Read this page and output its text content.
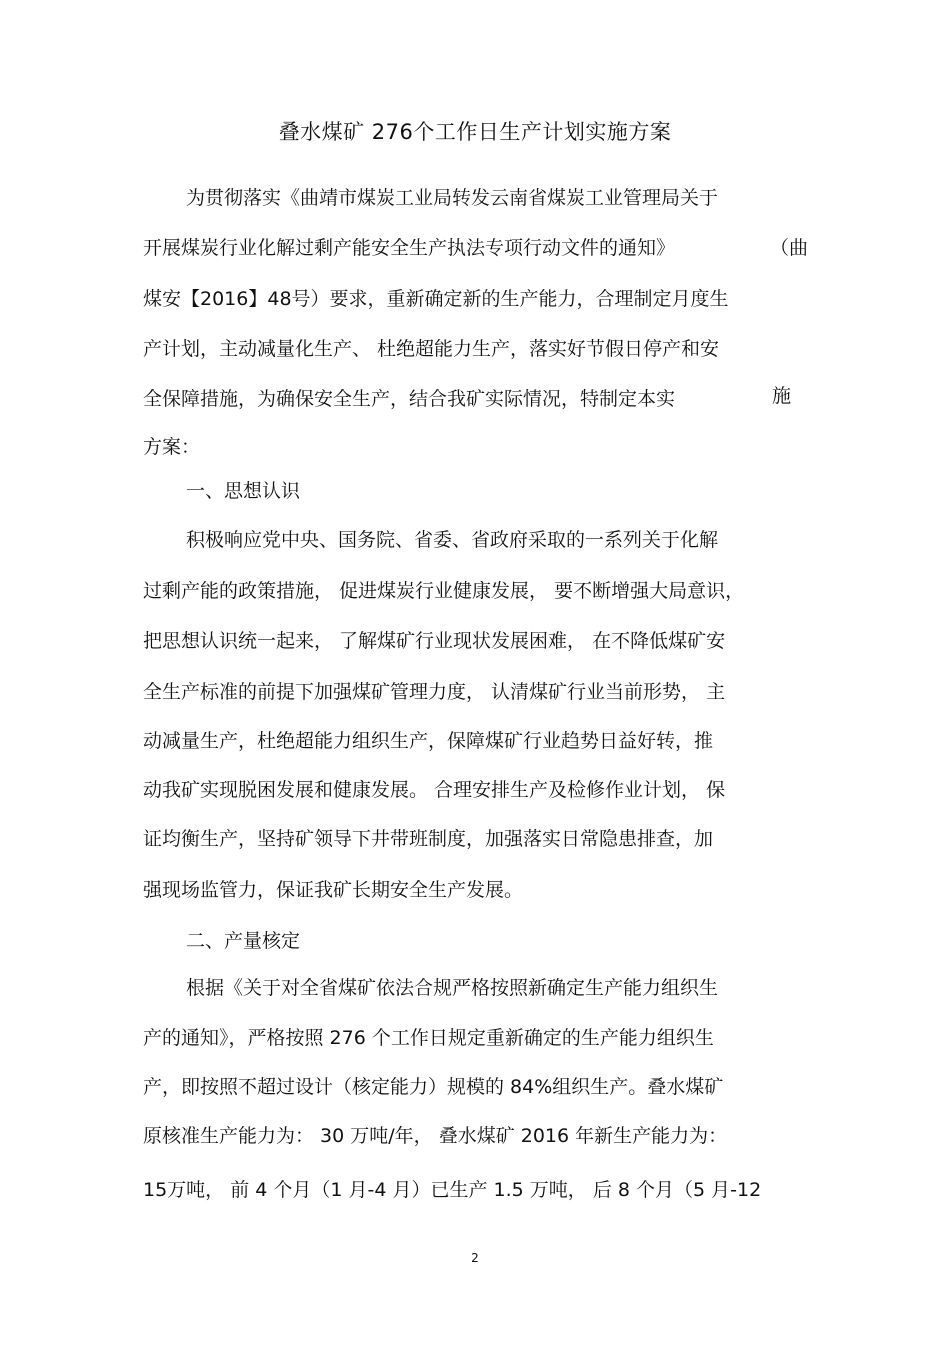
叠水煤矿 276个工作日生产计划实施方案
为贯彻落实《曲靖市煤炭工业局转发云南省煤炭工业管理局关于
开展煤炭行业化解过剩产能安全生产执法专项行动文件的通知》	（曲
煤安【2016】48号）要求，重新确定新的生产能力，合理制定月度生
产计划，主动减量化生产、 杜绝超能力生产，落实好节假日停产和安
全保障措施，为确保安全生产，结合我矿实际情况，特制定本实	施
方案：
一、思想认识
积极响应党中央、国务院、省委、省政府采取的一系列关于化解
过剩产能的政策措施， 促进煤炭行业健康发展， 要不断增强大局意识，
把思想认识统一起来， 了解煤矿行业现状发展困难， 在不降低煤矿安
全生产标准的前提下加强煤矿管理力度， 认清煤矿行业当前形势， 主
动减量生产，杜绝超能力组织生产，保障煤矿行业趋势日益好转，推
动我矿实现脱困发展和健康发展。 合理安排生产及检修作业计划， 保
证均衡生产，坚持矿领导下井带班制度，加强落实日常隐患排查，加
强现场监管力，保证我矿长期安全生产发展。
二、产量核定
根据《关于对全省煤矿依法合规严格按照新确定生产能力组织生
产的通知》，严格按照 276 个工作日规定重新确定的生产能力组织生
产，即按照不超过设计（核定能力）规模的 84%组织生产。叠水煤矿
原核准生产能力为： 30 万吨/年， 叠水煤矿 2016 年新生产能力为：
15万吨， 前 4 个月（1 月-4 月）已生产 1.5 万吨， 后 8 个月（5 月-12
2
